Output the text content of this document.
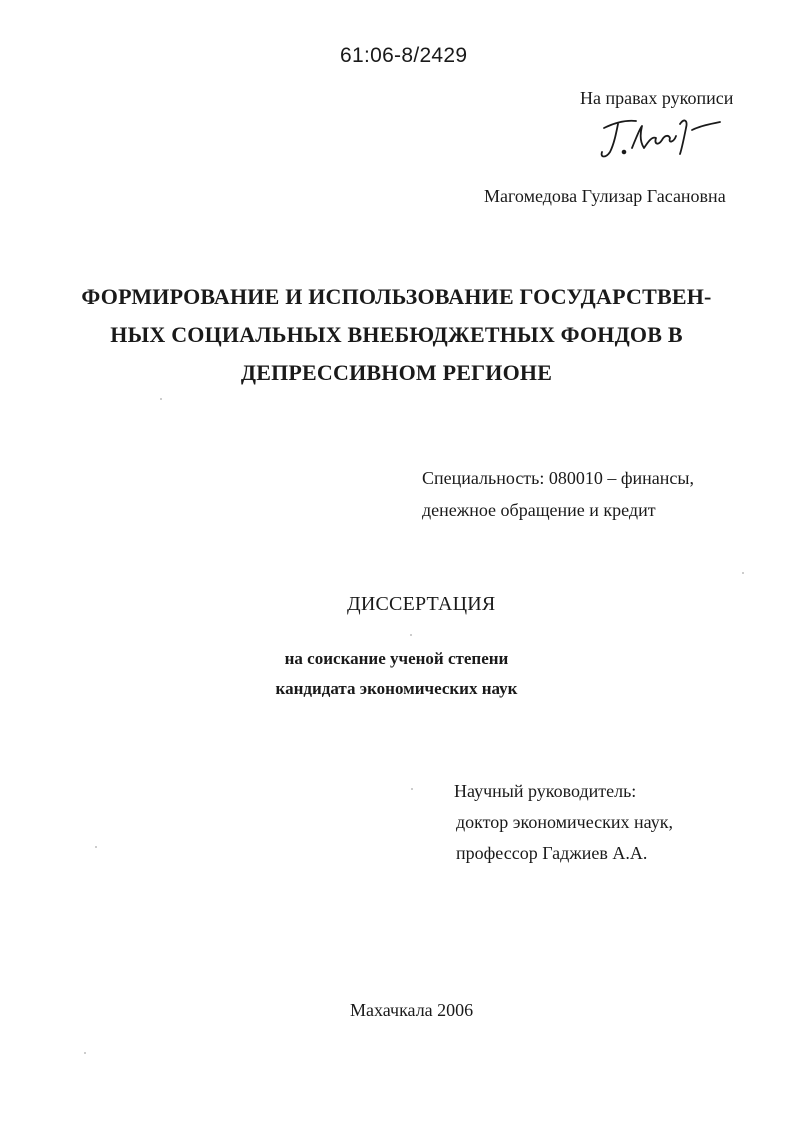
61:06-8/2429

На правах рукописи

Магомедова Гулизар Гасановна

ФОРМИРОВАНИЕ И ИСПОЛЬЗОВАНИЕ ГОСУДАРСТВЕН-
НЫХ СОЦИАЛЬНЫХ ВНЕБЮДЖЕТНЫХ ФОНДОВ В
ДЕПРЕССИВНОМ РЕГИОНЕ
Специальность: 080010 – финансы,
денежное обращение и кредит

ДИССЕРТАЦИЯ

на соискание ученой степени
кандидата экономических наук
Научный руководитель:
доктор экономических наук,
профессор Гаджиев А.А.

Махачкала 2006
